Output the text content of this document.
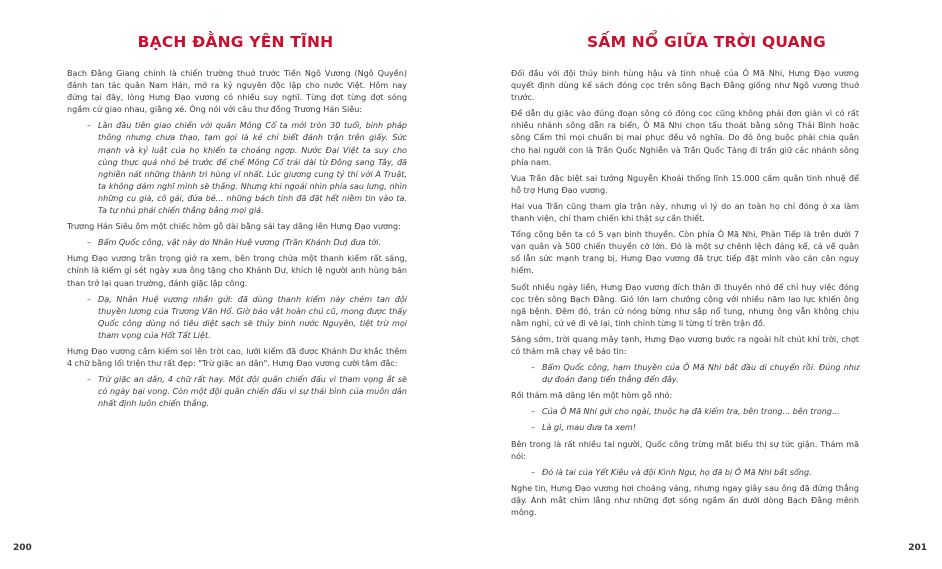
BẠCH ĐẰNG YÊN TĨNH

Bạch Đằng Giang chính là chiến trường thuở trước Tiền Ngô Vương (Ngô Quyền) đánh tan tác quân Nam Hán, mở ra kỷ nguyên độc lập cho nước Việt. Hôm nay đứng tại đây, lòng Hưng Đạo vương có nhiều suy nghĩ. Từng đợt từng đợt sóng ngầm cứ giao nhau, giằng xé. Ông nói với câu thư đồng Trương Hán Siêu:

– Lần đầu tiên giao chiến với quân Mông Cổ ta mới tròn 30 tuổi, binh pháp thông nhưng chưa thạo, tạm gọi là kẻ chỉ biết đánh trận trên giấy. Sức mạnh và kỷ luật của họ khiến ta choáng ngợp. Nước Đại Việt ta suy cho cùng thực quá nhỏ bé trước đế chế Mông Cổ trải dài từ Đông sang Tây, đã nghiền nát những thành trì hùng vĩ nhất. Lúc giương cung tỷ thí với A Truật, ta không dám nghĩ mình sẽ thắng. Nhưng khi ngoái nhìn phía sau lưng, nhìn những cụ già, cô gái, đứa bé... những bách tính đã đặt hết niềm tin vào ta. Ta tự nhủ phải chiến thắng bằng mọi giá.

Trương Hán Siêu ôm một chiếc hòm gỗ dài bằng sải tay dâng lên Hưng Đạo vương:

– Bẩm Quốc công, vật này do Nhân Huệ vương (Trần Khánh Dư) đưa tới.

Hưng Đạo vương trân trọng giở ra xem, bên trong chứa một thanh kiếm rất sáng, chính là kiếm gỉ sét ngày xưa ông tặng cho Khánh Dư, khích lệ người anh hùng bán than trở lại quan trường, đánh giặc lập công.

– Dạ, Nhân Huệ vương nhắn gửi: đã dùng thanh kiếm này chém tan đội thuyền lương của Trương Văn Hổ. Giờ bảo vật hoàn chủ cũ, mong được thấy Quốc công dùng nó tiêu diệt sạch sẽ thủy binh nước Nguyên, tiệt trừ mọi tham vọng của Hốt Tất Liệt.

Hưng Đạo vương cầm kiếm soi lên trời cao, lưỡi kiếm đã được Khánh Dư khắc thêm 4 chữ bằng lối triện thư rất đẹp: "Trừ giặc an dân". Hưng Đạo vương cười tâm đắc:

– Trừ giặc an dân, 4 chữ rất hay. Một đội quân chiến đấu vì tham vọng ắt sẽ có ngày bại vong. Còn một đội quân chiến đấu vì sự thái bình của muôn dân nhất định luôn chiến thắng.

200
SẤM NỔ GIỮA TRỜI QUANG

Đối đầu với đội thủy binh hùng hậu và tinh nhuệ của Ô Mã Nhi, Hưng Đạo vương quyết định dùng kế sách đóng cọc trên sông Bạch Đằng giống như Ngô vương thuở trước.

Để dẫn dụ giặc vào đúng đoạn sông có đóng cọc cũng không phải đơn giản vì có rất nhiều nhánh sông dẫn ra biển, Ô Mã Nhi chọn tẩu thoát bằng sông Thái Bình hoặc sông Cấm thì mọi chuẩn bị mai phục đều vô nghĩa. Do đó ông buộc phải chia quân cho hai người con là Trần Quốc Nghiễn và Trần Quốc Tảng đi trấn giữ các nhánh sông phía nam.

Vua Trần đặc biệt sai tướng Nguyễn Khoái thống lĩnh 15.000 cấm quân tinh nhuệ để hỗ trợ Hưng Đạo vương.

Hai vua Trần cũng tham gia trận này, nhưng vì lý do an toàn họ chỉ đóng ở xa làm thanh viện, chỉ tham chiến khi thật sự cần thiết.

Tổng cộng bên ta có 5 vạn binh thuyền. Còn phía Ô Mã Nhi, Phàn Tiếp là trên dưới 7 vạn quân và 500 chiến thuyền cỡ lớn. Đó là một sự chênh lệch đáng kể, cả về quân số lẫn sức mạnh trang bị, Hưng Đạo vương đã trực tiếp đặt mình vào cán cân nguy hiểm.

Suốt nhiều ngày liền, Hưng Đạo vương đích thân đi thuyền nhỏ để chỉ huy việc đóng cọc trên sông Bạch Đằng. Gió lớn lam chướng cộng với nhiều năm lao lực khiến ông ngã bệnh. Đêm đó, trán cứ nóng bừng như sắp nổ tung, nhưng ông vẫn không chịu nằm nghỉ, cứ vẽ đi vẽ lại, tinh chỉnh từng li từng tí trên trận đồ.

Sáng sớm, trời quang mây tạnh, Hưng Đạo vương bước ra ngoài hít chút khí trời, chợt có thám mã chạy về báo tin:

– Bẩm Quốc công, hạm thuyền của Ô Mã Nhi bắt đầu di chuyển rồi. Đúng như dự đoán đang tiến thẳng đến đây.

Rồi thám mã dâng lên một hòm gỗ nhỏ:

– Của Ô Mã Nhi gửi cho ngài, thuộc hạ đã kiểm tra, bên trong... bên trong...

– Là gì, mau đưa ta xem!

Bên trong là rất nhiều tai người, Quốc công trừng mắt biểu thị sự tức giận. Thám mã nói:

– Đó là tai của Yết Kiêu và đội Kình Ngư, họ đã bị Ô Mã Nhi bắt sống.

Nghe tin, Hưng Đạo vương hơi choáng váng, nhưng ngay giây sau ông đã đứng thẳng dậy. Ánh mắt chìm lắng như những đợt sóng ngầm ẩn dưới dòng Bạch Đằng mênh mông.

201
